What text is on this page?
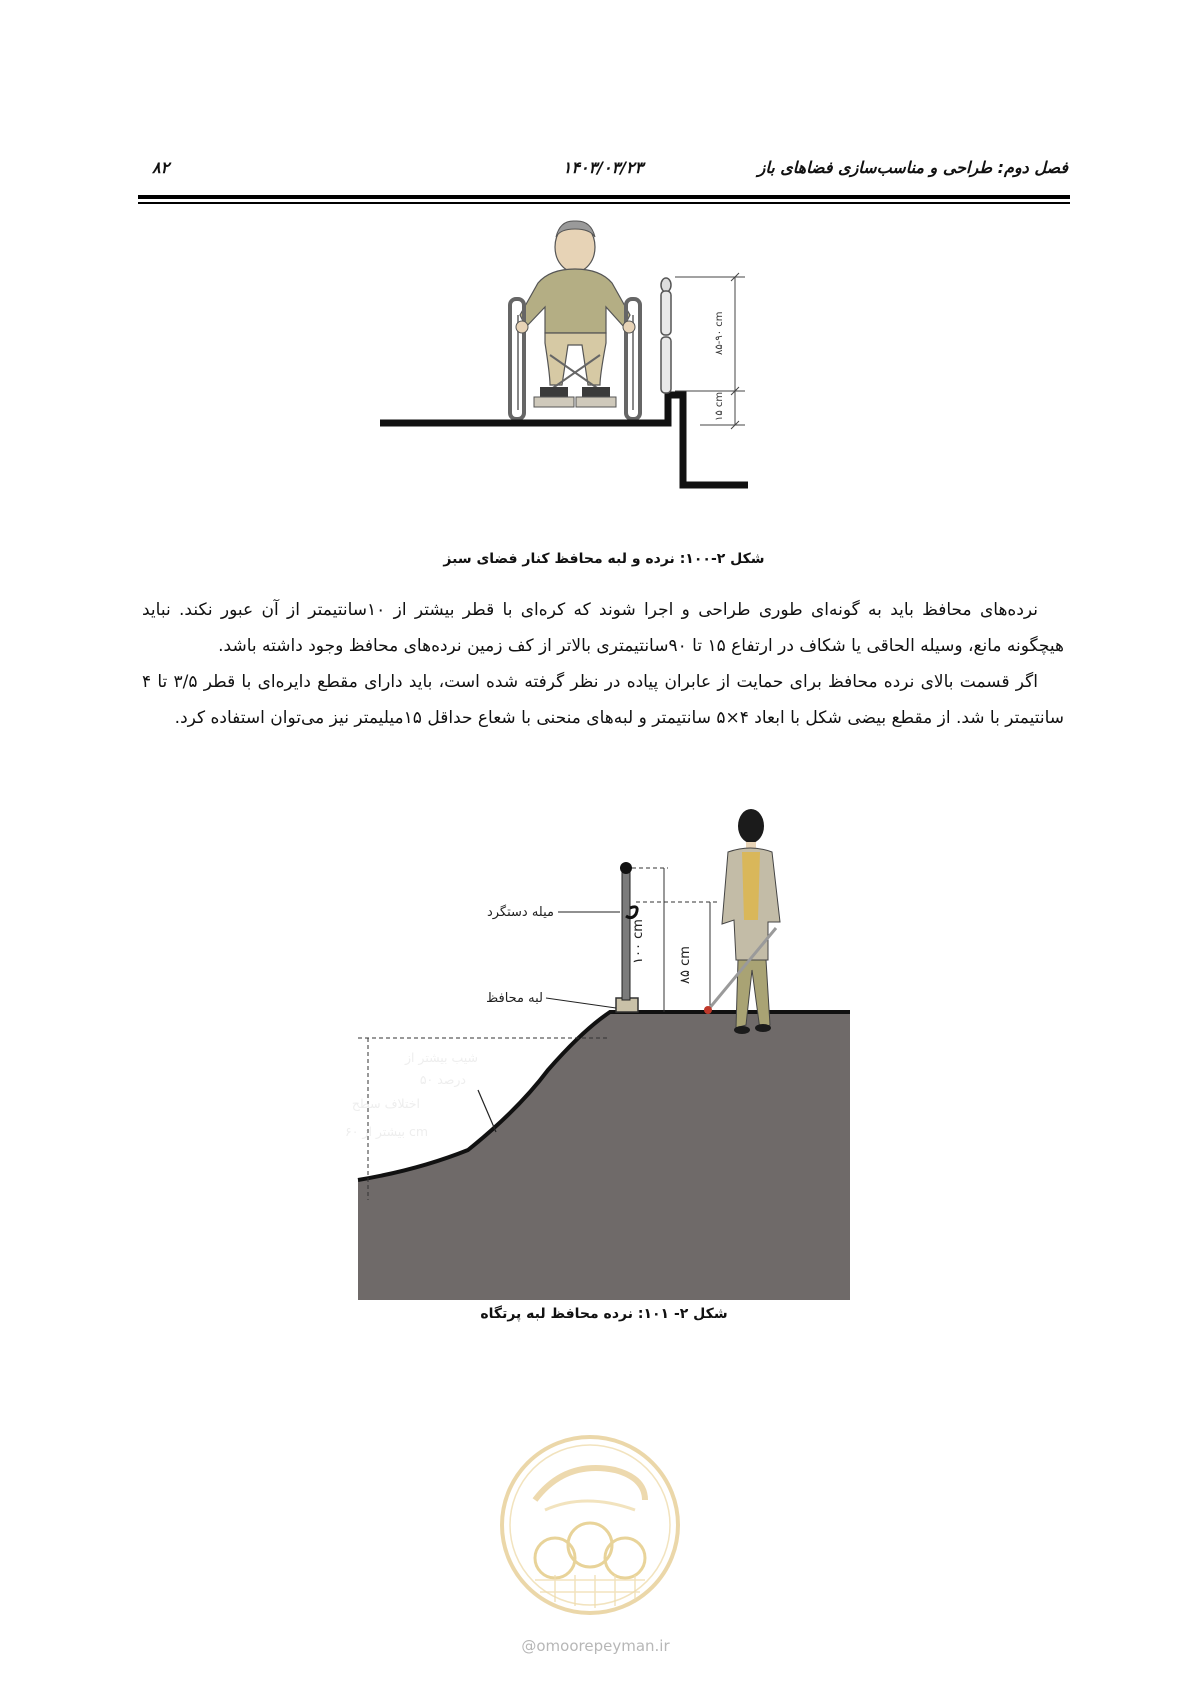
فصل دوم: طراحی و مناسب‌سازی فضاهای باز
۱۴۰۳/۰۳/۲۳
۸۲
۸۵-۹۰ cm
۱۵ cm
شکل ۲-۱۰۰: نرده و لبه محافظ کنار فضای سبز

نرده‌های محافظ باید به گونه‌ای طوری طراحی و اجرا شوند که کره‌ای با قطر بیشتر از ۱۰سانتیمتر از آن عبور نکند. نباید هیچگونه مانع، وسیله الحاقی یا شکاف در ارتفاع ۱۵ تا ۹۰سانتیمتری بالاتر از کف زمین نرده‌های محافظ وجود داشته باشد.

اگر قسمت بالای نرده محافظ برای حمایت از عابران پیاده در نظر گرفته شده است، باید دارای مقطع دایره‌ای با قطر ۳/۵ تا ۴ سانتیمتر با شد. از مقطع بیضی شکل با ابعاد ۴×۵ سانتیمتر و لبه‌های منحنی با شعاع حداقل ۱۵میلیمتر نیز می‌توان استفاده کرد.

۱۰۰ cm
۸۵ cm
میله دستگرد
لبه محافظ
شیب بیشتر از
۵۰ درصد
اختلاف سطح
بیشتر از ۶۰ cm
شکل ۲- ۱۰۱: نرده محافظ لبه پرتگاه
@omoorepeyman.ir
